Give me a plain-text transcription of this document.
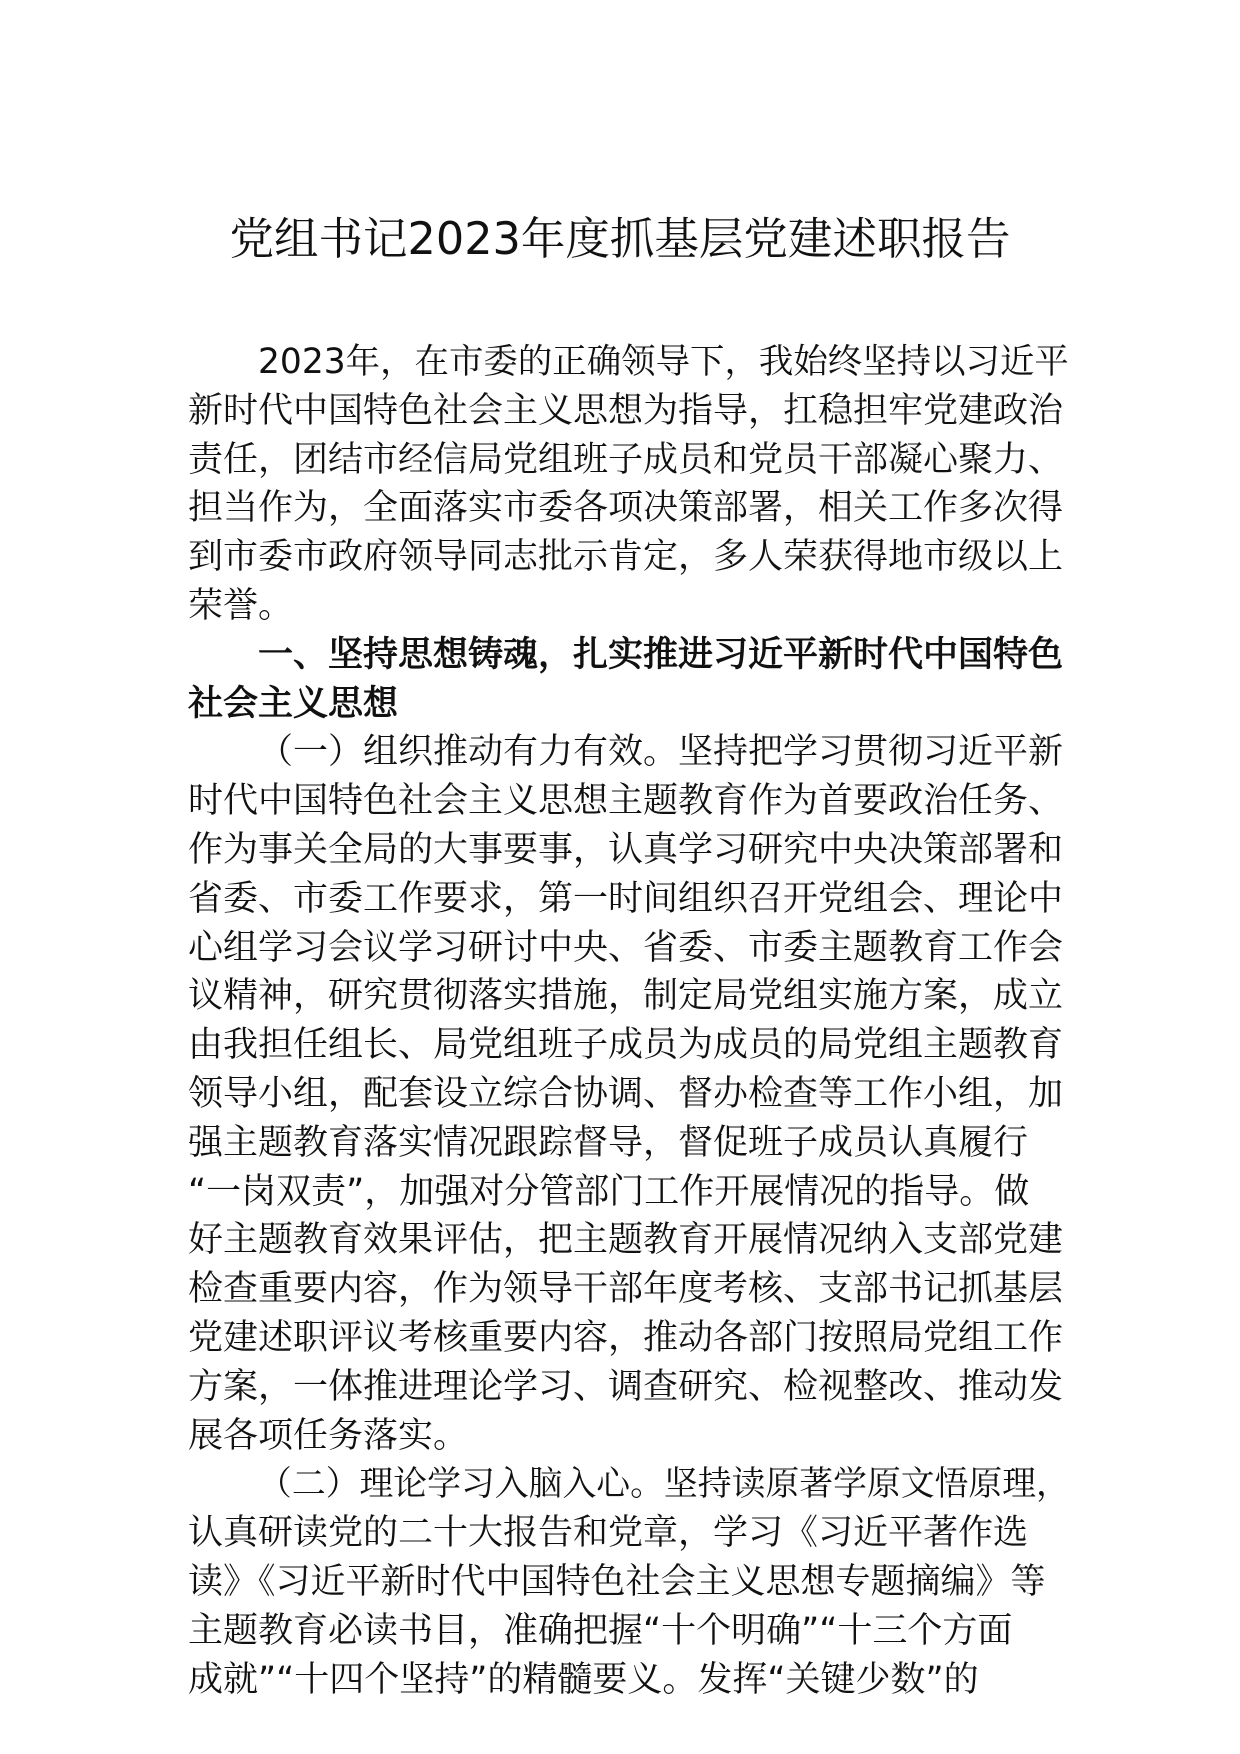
党组书记2023年度抓基层党建述职报告
2023年，在市委的正确领导下，我始终坚持以习近平
新时代中国特色社会主义思想为指导，扛稳担牢党建政治
责任，团结市经信局党组班子成员和党员干部凝心聚力、
担当作为，全面落实市委各项决策部署，相关工作多次得
到市委市政府领导同志批示肯定，多人荣获得地市级以上
荣誉。
一、坚持思想铸魂，扎实推进习近平新时代中国特色
社会主义思想
（一）组织推动有力有效。坚持把学习贯彻习近平新
时代中国特色社会主义思想主题教育作为首要政治任务、
作为事关全局的大事要事，认真学习研究中央决策部署和
省委、市委工作要求，第一时间组织召开党组会、理论中
心组学习会议学习研讨中央、省委、市委主题教育工作会
议精神，研究贯彻落实措施，制定局党组实施方案，成立
由我担任组长、局党组班子成员为成员的局党组主题教育
领导小组，配套设立综合协调、督办检查等工作小组，加
强主题教育落实情况跟踪督导，督促班子成员认真履行
“一岗双责”，加强对分管部门工作开展情况的指导。做
好主题教育效果评估，把主题教育开展情况纳入支部党建
检查重要内容，作为领导干部年度考核、支部书记抓基层
党建述职评议考核重要内容，推动各部门按照局党组工作
方案，一体推进理论学习、调查研究、检视整改、推动发
展各项任务落实。
（二）理论学习入脑入心。坚持读原著学原文悟原理，
认真研读党的二十大报告和党章，学习《习近平著作选
读》《习近平新时代中国特色社会主义思想专题摘编》等
主题教育必读书目，准确把握“十个明确”“十三个方面
成就”“十四个坚持”的精髓要义。发挥“关键少数”的
